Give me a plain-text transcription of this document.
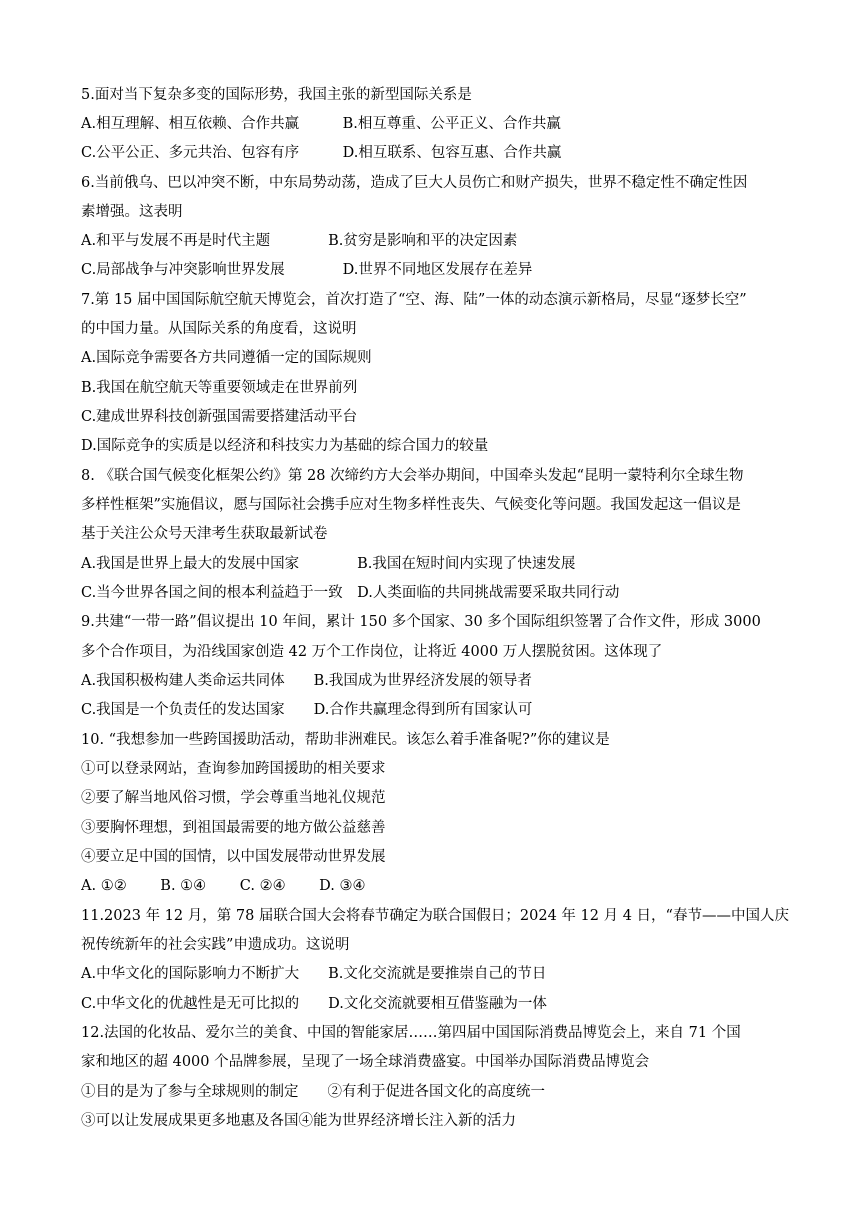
5.面对当下复杂多变的国际形势，我国主张的新型国际关系是
A.相互理解、相互依赖、合作共赢　　　B.相互尊重、公平正义、合作共赢
C.公平公正、多元共治、包容有序　　　D.相互联系、包容互惠、合作共赢
6.当前俄乌、巴以冲突不断，中东局势动荡，造成了巨大人员伤亡和财产损失，世界不稳定性不确定性因
素增强。这表明
A.和平与发展不再是时代主题　　　　B.贫穷是影响和平的决定因素
C.局部战争与冲突影响世界发展　　　　D.世界不同地区发展存在差异
7.第 15 届中国国际航空航天博览会，首次打造了“空、海、陆”一体的动态演示新格局，尽显“逐梦长空”
的中国力量。从国际关系的角度看，这说明
A.国际竞争需要各方共同遵循一定的国际规则
B.我国在航空航天等重要领域走在世界前列
C.建成世界科技创新强国需要搭建活动平台
D.国际竞争的实质是以经济和科技实力为基础的综合国力的较量
8. 《联合国气候变化框架公约》第 28 次缔约方大会举办期间，中国牵头发起“昆明一蒙特利尔全球生物
多样性框架”实施倡议，愿与国际社会携手应对生物多样性丧失、气候变化等问题。我国发起这一倡议是
基于关注公众号天津考生获取最新试卷
A.我国是世界上最大的发展中国家　　　　B.我国在短时间内实现了快速发展
C.当今世界各国之间的根本利益趋于一致　D.人类面临的共同挑战需要采取共同行动
9.共建“一带一路”倡议提出 10 年间，累计 150 多个国家、30 多个国际组织签署了合作文件，形成 3000
多个合作项目，为沿线国家创造 42 万个工作岗位，让将近 4000 万人摆脱贫困。这体现了
A.我国积极构建人类命运共同体　　B.我国成为世界经济发展的领导者
C.我国是一个负责任的发达国家　　D.合作共赢理念得到所有国家认可
10. “我想参加一些跨国援助活动，帮助非洲难民。该怎么着手准备呢?”你的建议是
①可以登录网站，查询参加跨国援助的相关要求
②要了解当地风俗习惯，学会尊重当地礼仪规范
③要胸怀理想，到祖国最需要的地方做公益慈善
④要立足中国的国情，以中国发展带动世界发展
A. ①②　　 B. ①④　　 C. ②④　　 D. ③④
11.2023 年 12 月，第 78 届联合国大会将春节确定为联合国假日；2024 年 12 月 4 日，“春节——中国人庆
祝传统新年的社会实践”申遗成功。这说明
A.中华文化的国际影响力不断扩大　　B.文化交流就是要推崇自己的节日
C.中华文化的优越性是无可比拟的　　D.文化交流就要相互借鉴融为一体
12.法国的化妆品、爱尔兰的美食、中国的智能家居……第四届中国国际消费品博览会上，来自 71 个国
家和地区的超 4000 个品牌参展，呈现了一场全球消费盛宴。中国举办国际消费品博览会
①目的是为了参与全球规则的制定　　②有利于促进各国文化的高度统一
③可以让发展成果更多地惠及各国④能为世界经济增长注入新的活力
